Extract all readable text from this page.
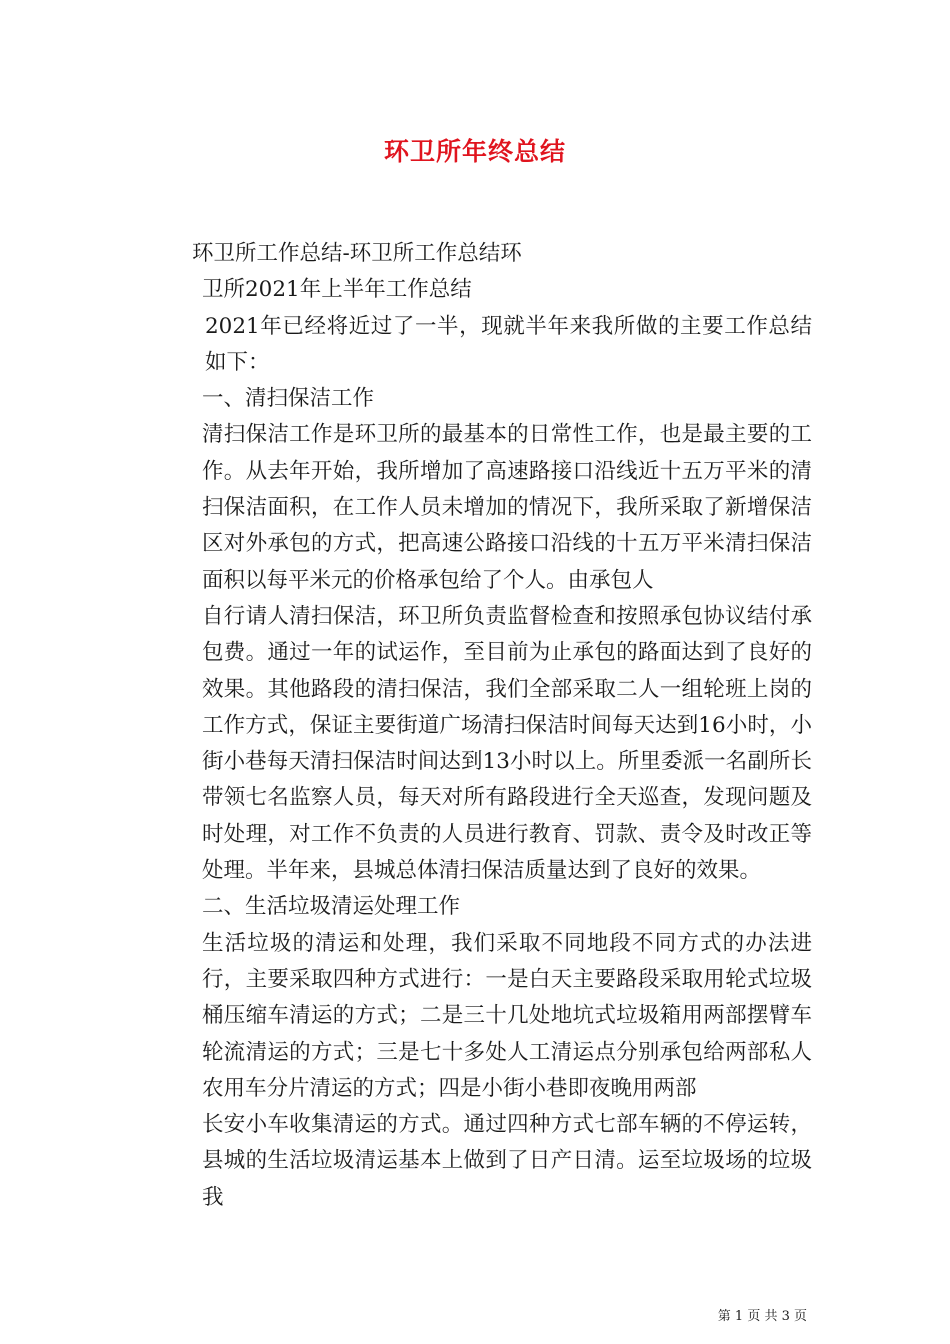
环卫所年终总结

环卫所工作总结-环卫所工作总结环

卫所2021年上半年工作总结

2021年已经将近过了一半，现就半年来我所做的主要工作总结如下：

一、清扫保洁工作

清扫保洁工作是环卫所的最基本的日常性工作，也是最主要的工作。从去年开始，我所增加了高速路接口沿线近十五万平米的清扫保洁面积，在工作人员未增加的情况下，我所采取了新增保洁区对外承包的方式，把高速公路接口沿线的十五万平米清扫保洁面积以每平米元的价格承包给了个人。由承包人

自行请人清扫保洁，环卫所负责监督检查和按照承包协议结付承包费。通过一年的试运作，至目前为止承包的路面达到了良好的效果。其他路段的清扫保洁，我们全部采取二人一组轮班上岗的工作方式，保证主要街道广场清扫保洁时间每天达到16小时，小街小巷每天清扫保洁时间达到13小时以上。所里委派一名副所长带领七名监察人员，每天对所有路段进行全天巡查，发现问题及时处理，对工作不负责的人员进行教育、罚款、责令及时改正等处理。半年来，县城总体清扫保洁质量达到了良好的效果。

二、生活垃圾清运处理工作

生活垃圾的清运和处理，我们采取不同地段不同方式的办法进行，主要采取四种方式进行：一是白天主要路段采取用轮式垃圾桶压缩车清运的方式；二是三十几处地坑式垃圾箱用两部摆臂车轮流清运的方式；三是七十多处人工清运点分别承包给两部私人农用车分片清运的方式；四是小街小巷即夜晚用两部

长安小车收集清运的方式。通过四种方式七部车辆的不停运转，县城的生活垃圾清运基本上做到了日产日清。运至垃圾场的垃圾我

第 1 页 共 3 页
